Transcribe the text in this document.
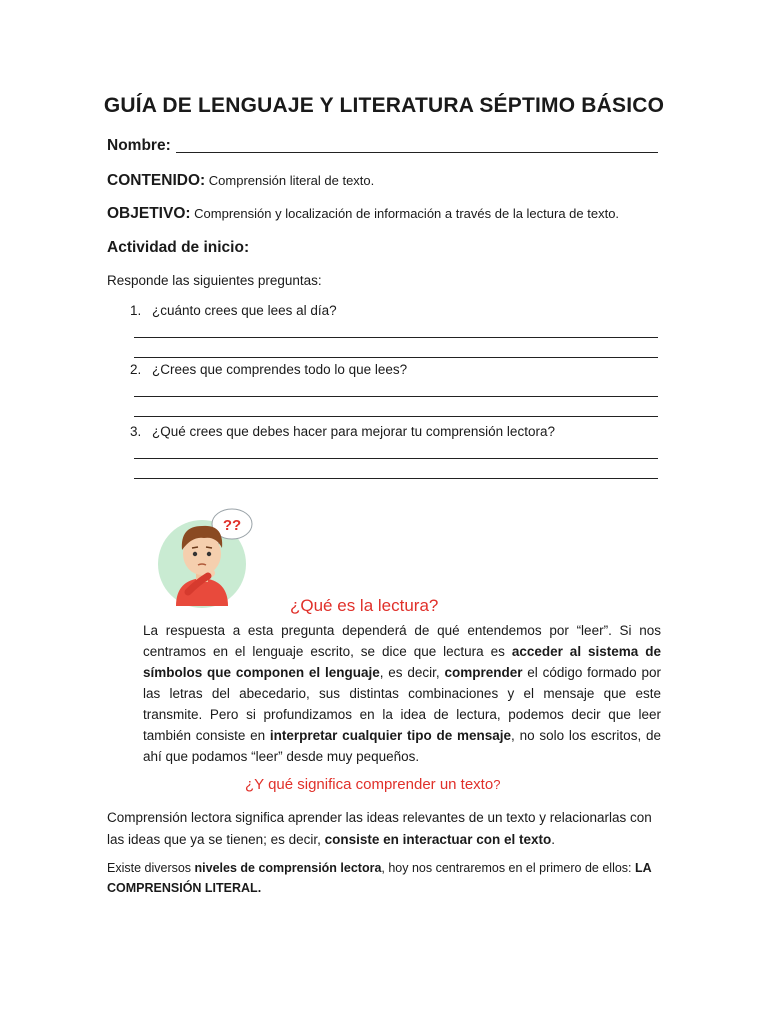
GUÍA DE LENGUAJE Y LITERATURA SÉPTIMO BÁSICO
Nombre:
CONTENIDO: Comprensión literal de texto.
OBJETIVO: Comprensión y localización de información a través de la lectura de texto.
Actividad de inicio:
Responde las siguientes preguntas:
1. ¿cuánto crees que lees al día?
2. ¿Crees que comprendes todo lo que lees?
3. ¿Qué crees que debes hacer para mejorar tu comprensión lectora?
??
¿Qué es la lectura?
La respuesta a esta pregunta dependerá de qué entendemos por “leer”. Si nos centramos en el lenguaje escrito, se dice que lectura es acceder al sistema de símbolos que componen el lenguaje, es decir, comprender el código formado por las letras del abecedario, sus distintas combinaciones y el mensaje que este transmite. Pero si profundizamos en la idea de lectura, podemos decir que leer también consiste en interpretar cualquier tipo de mensaje, no solo los escritos, de ahí que podamos “leer” desde muy pequeños.
¿Y qué significa comprender un texto?
Comprensión lectora significa aprender las ideas relevantes de un texto y relacionarlas con las ideas que ya se tienen; es decir, consiste en interactuar con el texto.
Existe diversos niveles de comprensión lectora, hoy nos centraremos en el primero de ellos: LA COMPRENSIÓN LITERAL.
